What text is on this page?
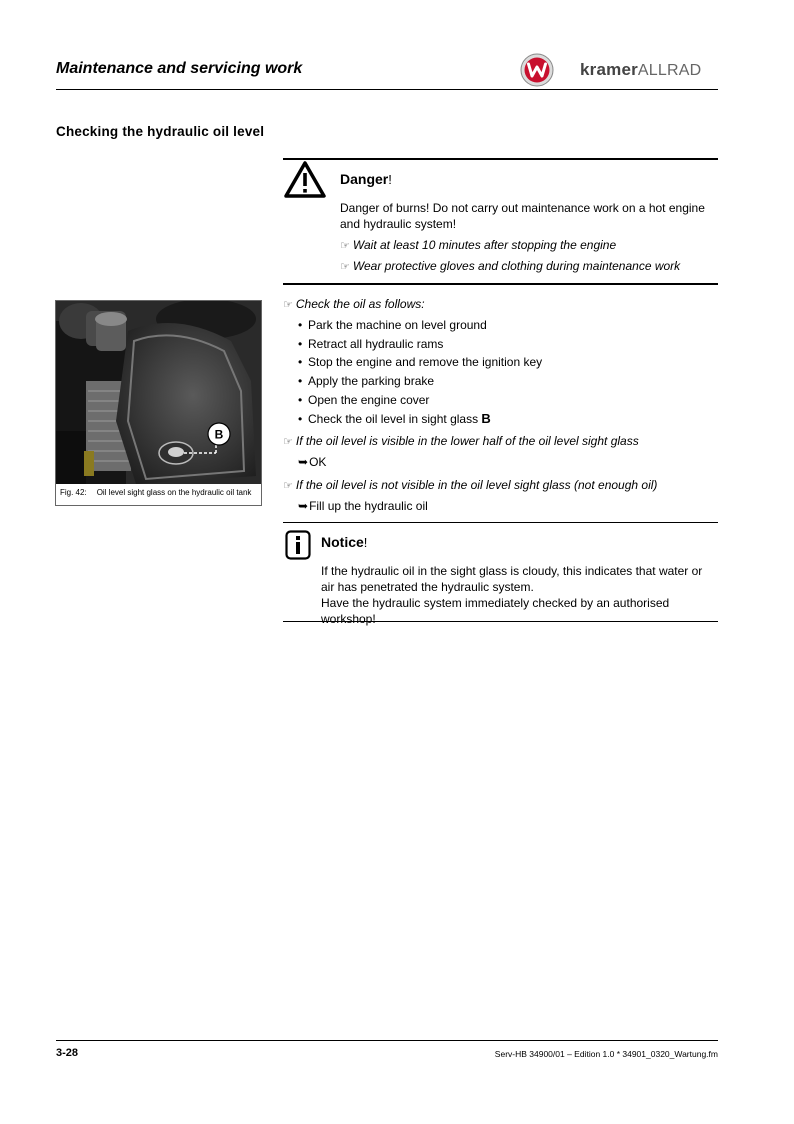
Maintenance and servicing work	kramerALLRAD
Checking the hydraulic oil level
Danger!
Danger of burns! Do not carry out maintenance work on a hot engine and hydraulic system!
☞ Wait at least 10 minutes after stopping the engine
☞ Wear protective gloves and clothing during maintenance work
B
Fig. 42: Oil level sight glass on the hydraulic oil tank
☞ Check the oil as follows:
• Park the machine on level ground
• Retract all hydraulic rams
• Stop the engine and remove the ignition key
• Apply the parking brake
• Open the engine cover
• Check the oil level in sight glass B
☞ If the oil level is visible in the lower half of the oil level sight glass
➥OK
☞ If the oil level is not visible in the oil level sight glass (not enough oil)
➥Fill up the hydraulic oil
Notice!
If the hydraulic oil in the sight glass is cloudy, this indicates that water or air has penetrated the hydraulic system.
Have the hydraulic system immediately checked by an authorised workshop!
3-28	Serv-HB 34900/01 – Edition 1.0 * 34901_0320_Wartung.fm
